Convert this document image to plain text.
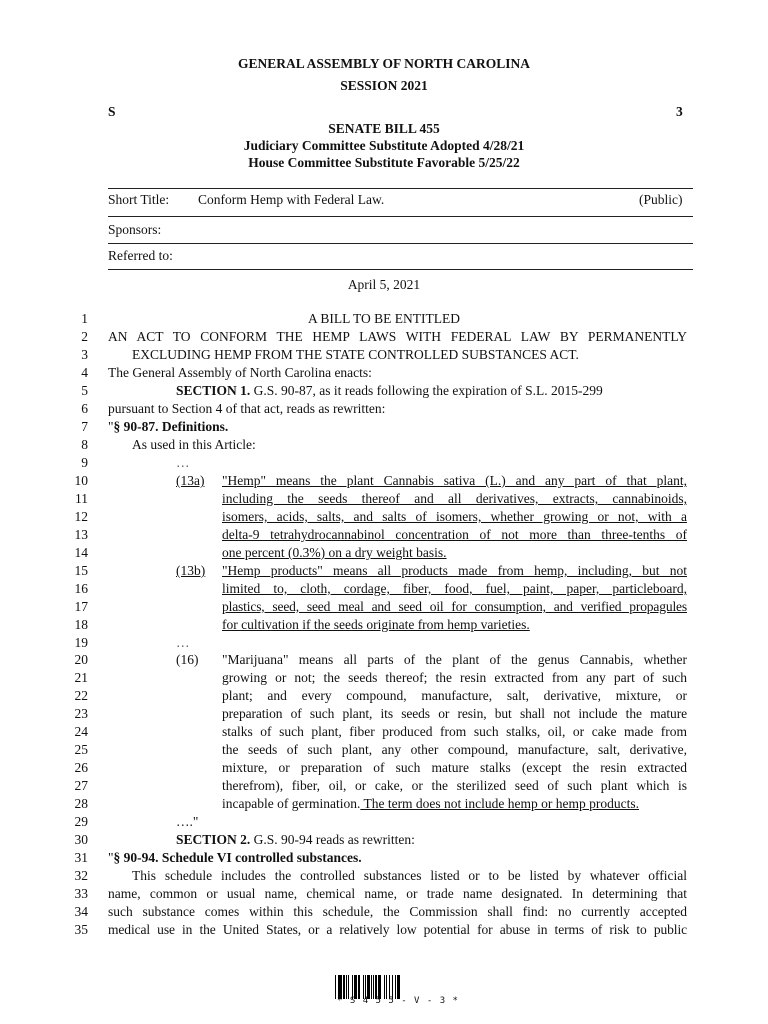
GENERAL ASSEMBLY OF NORTH CAROLINA
SESSION 2021
S	3
SENATE BILL 455
Judiciary Committee Substitute Adopted 4/28/21
House Committee Substitute Favorable 5/25/22
Short Title: Conform Hemp with Federal Law.	(Public)
Sponsors:
Referred to:
April 5, 2021
1
2
3
4
5
6
7
8
9
10
11
12
13
14
15
16
17
18
19
20
21
22
23
24
25
26
27
28
29
30
31
32
33
34
35
A BILL TO BE ENTITLED
AN ACT TO CONFORM THE HEMP LAWS WITH FEDERAL LAW BY PERMANENTLY
EXCLUDING HEMP FROM THE STATE CONTROLLED SUBSTANCES ACT.
The General Assembly of North Carolina enacts:
SECTION 1. G.S. 90-87, as it reads following the expiration of S.L. 2015-299
pursuant to Section 4 of that act, reads as rewritten:
"§ 90-87. Definitions.
As used in this Article:
…
(13a) "Hemp" means the plant Cannabis sativa (L.) and any part of that plant,
including the seeds thereof and all derivatives, extracts, cannabinoids,
isomers, acids, salts, and salts of isomers, whether growing or not, with a
delta-9 tetrahydrocannabinol concentration of not more than three-tenths of
one percent (0.3%) on a dry weight basis.
(13b) "Hemp products" means all products made from hemp, including, but not
limited to, cloth, cordage, fiber, food, fuel, paint, paper, particleboard,
plastics, seed, seed meal and seed oil for consumption, and verified propagules
for cultivation if the seeds originate from hemp varieties.
…
(16) "Marijuana" means all parts of the plant of the genus Cannabis, whether
growing or not; the seeds thereof; the resin extracted from any part of such
plant; and every compound, manufacture, salt, derivative, mixture, or
preparation of such plant, its seeds or resin, but shall not include the mature
stalks of such plant, fiber produced from such stalks, oil, or cake made from
the seeds of such plant, any other compound, manufacture, salt, derivative,
mixture, or preparation of such mature stalks (except the resin extracted
therefrom), fiber, oil, or cake, or the sterilized seed of such plant which is
incapable of germination. The term does not include hemp or hemp products.
…."
SECTION 2. G.S. 90-94 reads as rewritten:
"§ 90-94. Schedule VI controlled substances.
This schedule includes the controlled substances listed or to be listed by whatever official
name, common or usual name, chemical name, or trade name designated. In determining that
such substance comes within this schedule, the Commission shall find: no currently accepted
medical use in the United States, or a relatively low potential for abuse in terms of risk to public
* S 4 5 5 - V - 3 *
